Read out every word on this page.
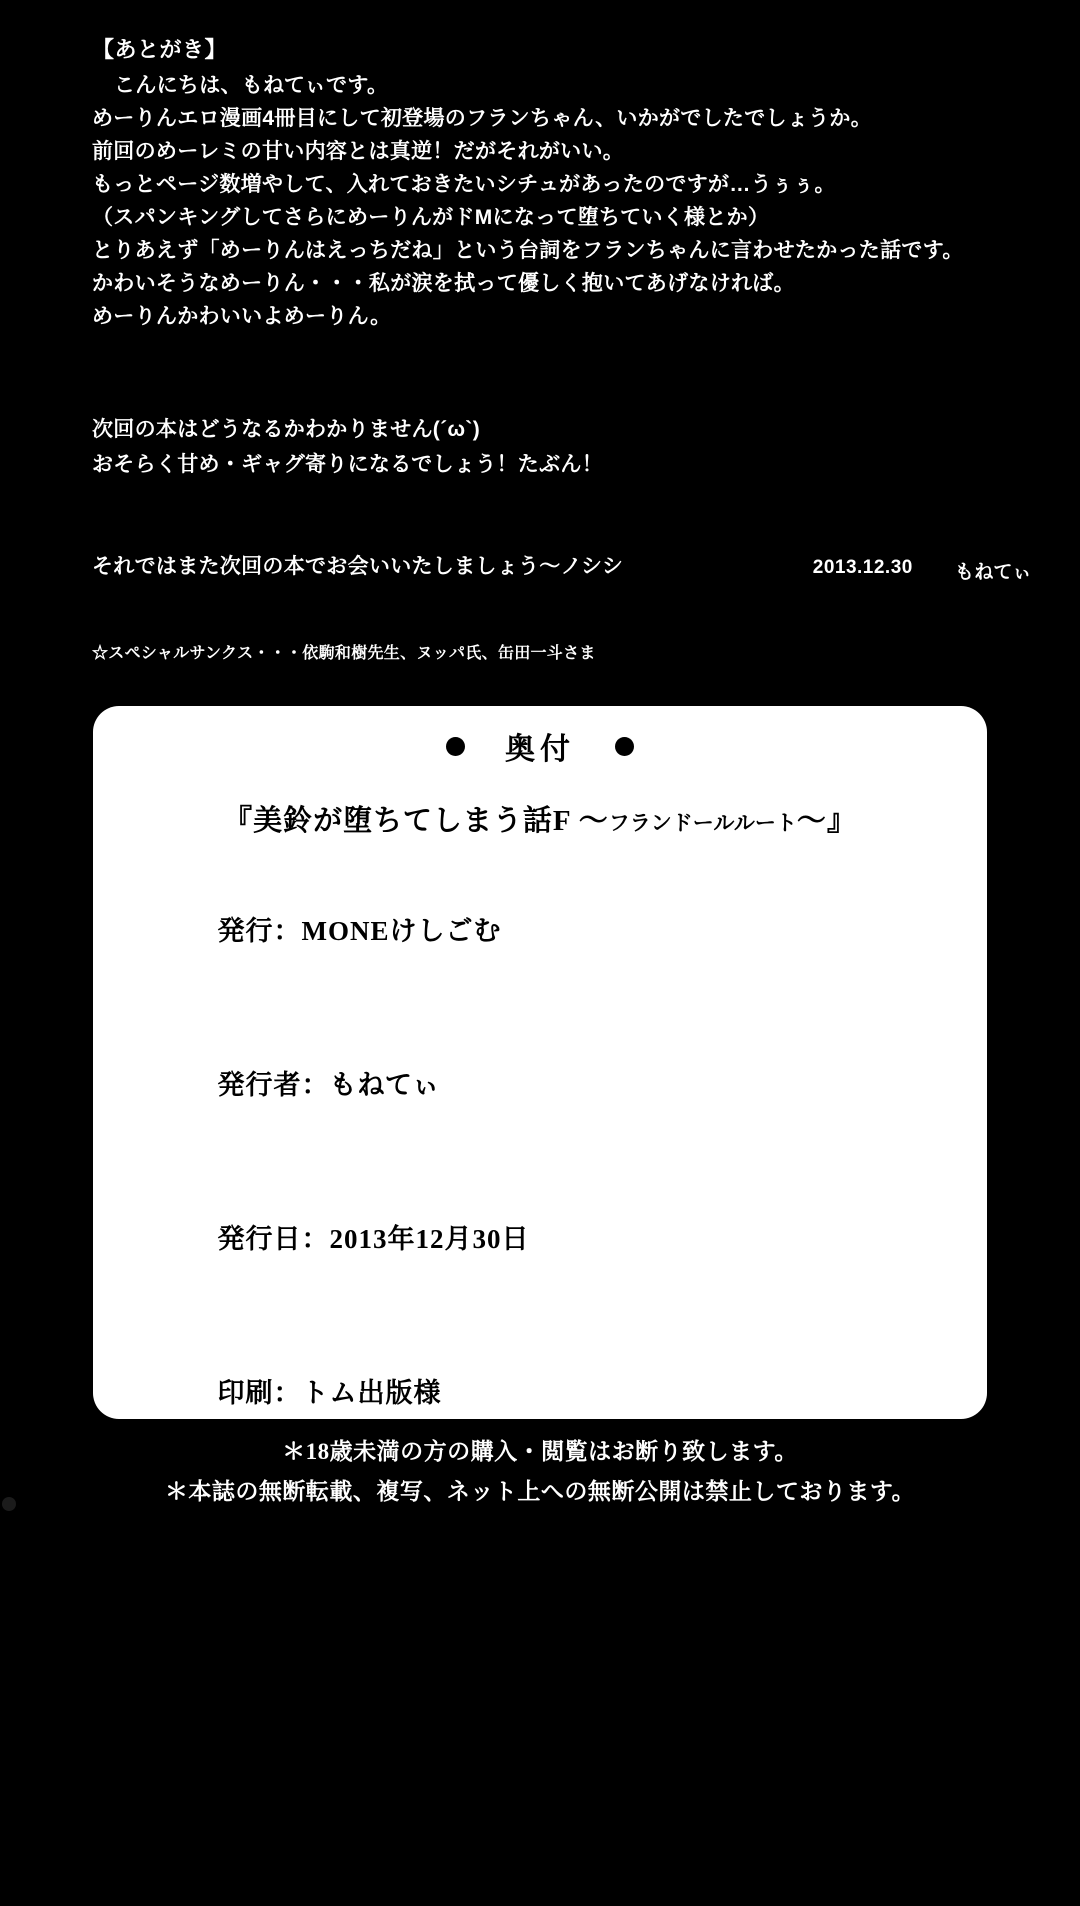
【あとがき】
こんにちは、もねてぃです。
めーりんエロ漫画4冊目にして初登場のフランちゃん、いかがでしたでしょうか。
前回のめーレミの甘い内容とは真逆！だがそれがいい。
もっとページ数増やして、入れておきたいシチュがあったのですが…うぅぅ。
（スパンキングしてさらにめーりんがドMになって堕ちていく様とか）
とりあえず「めーりんはえっちだね」という台詞をフランちゃんに言わせたかった話です。
かわいそうなめーりん・・・私が涙を拭って優しく抱いてあげなければ。
めーりんかわいいよめーりん。
次回の本はどうなるかわかりません(´ω`)
おそらく甘め・ギャグ寄りになるでしょう！たぶん！
それではまた次回の本でお会いいたしましょう〜ノシシ	2013.12.30 もねてぃ
☆スペシャルサンクス・・・依駒和樹先生、ヌッパ氏、缶田一斗さま
奥付
『美鈴が堕ちてしまう話F 〜フランドールルート〜』

発行：MONEけしごむ

発行者：もねてぃ

発行日：2013年12月30日

印刷：トム出版様

連絡先：daifuku1285@yahoo.co.jp

：pixivID＝3066815

Twitter：monety1285

＊18歳未満の方の購入・閲覧はお断り致します。
＊本誌の無断転載、複写、ネット上への無断公開は禁止しております。
